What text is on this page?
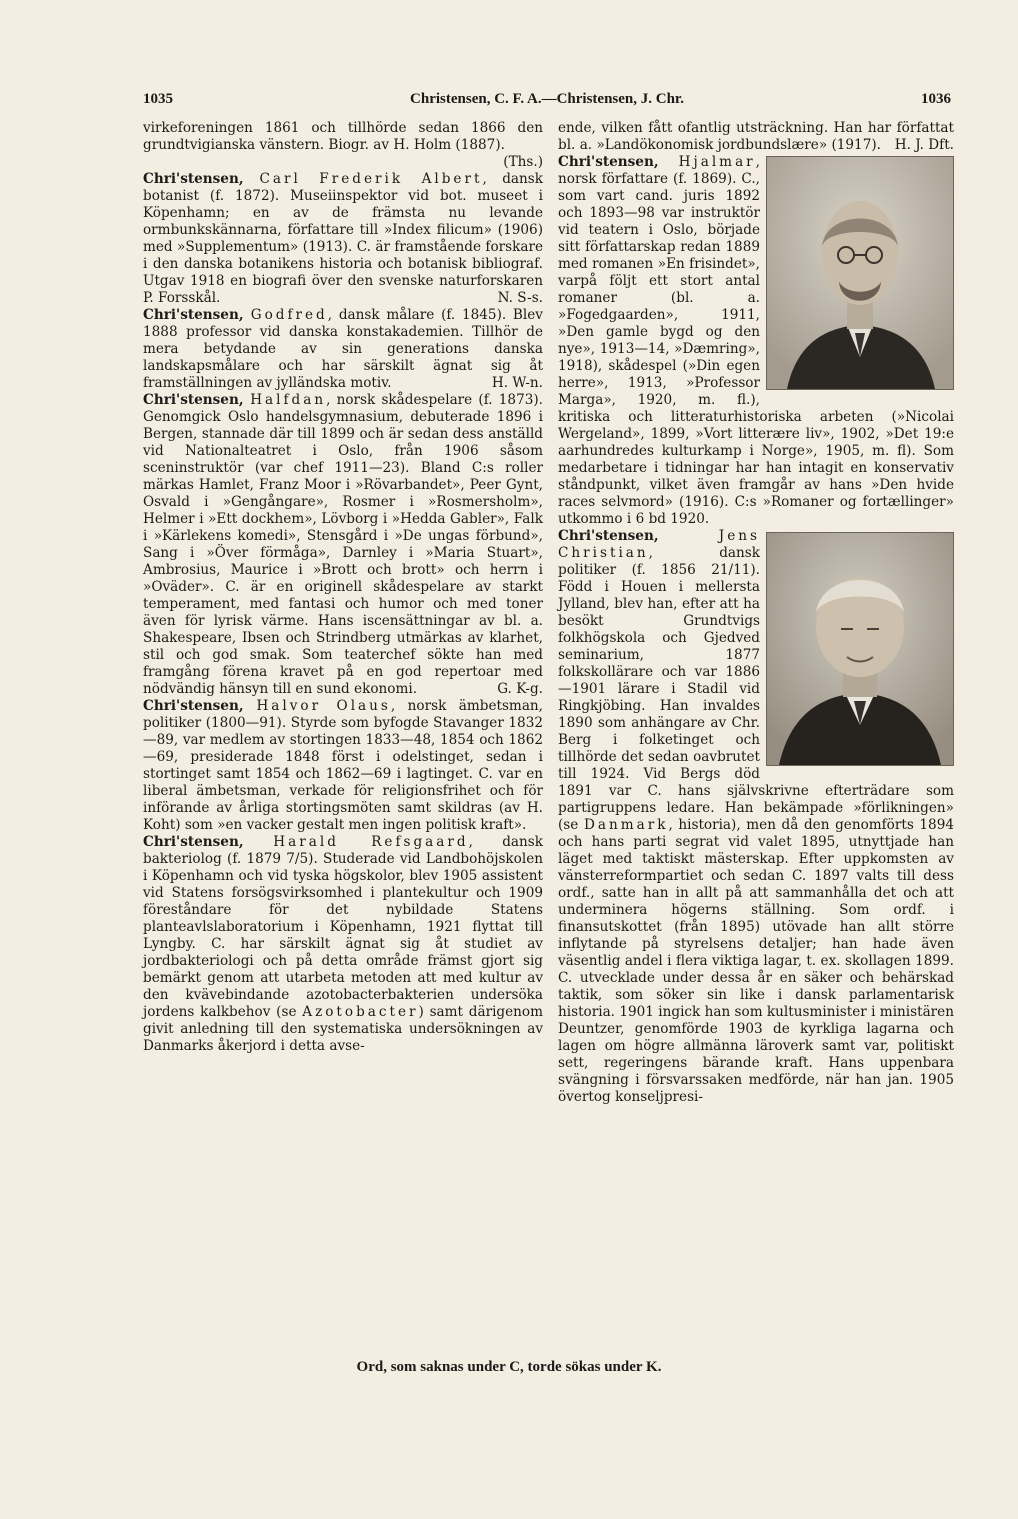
1035	Christensen, C. F. A.—Christensen, J. Chr.	1036

virkeforeningen 1861 och tillhörde sedan 1866 den grundtvigianska vänstern. Biogr. av H. Holm (1887).
(Ths.)

Chri'stensen, Carl Frederik Albert, dansk botanist (f. 1872). Museiinspektor vid bot. museet i Köpenhamn; en av de främsta nu levande ormbunkskännarna, författare till »Index filicum» (1906) med »Supplementum» (1913). C. är framstående forskare i den danska botanikens historia och botanisk bibliograf. Utgav 1918 en biografi över den svenske naturforskaren P. Forsskål.	N. S-s.

Chri'stensen, Godfred, dansk målare (f. 1845). Blev 1888 professor vid danska konstakademien. Tillhör de mera betydande av sin generations danska landskapsmålare och har särskilt ägnat sig åt framställningen av jylländska motiv.	H. W-n.

Chri'stensen, Halfdan, norsk skådespelare (f. 1873). Genomgick Oslo handelsgymnasium, debuterade 1896 i Bergen, stannade där till 1899 och är sedan dess anställd vid Nationalteatret i Oslo, från 1906 såsom sceninstruktör (var chef 1911—23). Bland C:s roller märkas Hamlet, Franz Moor i »Rövarbandet», Peer Gynt, Osvald i »Gengångare», Rosmer i »Rosmersholm», Helmer i »Ett dockhem», Lövborg i »Hedda Gabler», Falk i »Kärlekens komedi», Stensgård i »De ungas förbund», Sang i »Över förmåga», Darnley i »Maria Stuart», Ambrosius, Maurice i »Brott och brott» och herrn i »Oväder». C. är en originell skådespelare av starkt temperament, med fantasi och humor och med toner även för lyrisk värme. Hans iscensättningar av bl. a. Shakespeare, Ibsen och Strindberg utmärkas av klarhet, stil och god smak. Som teaterchef sökte han med framgång förena kravet på en god repertoar med nödvändig hänsyn till en sund ekonomi.	G. K-g.

Chri'stensen, Halvor Olaus, norsk ämbetsman, politiker (1800—91). Styrde som byfogde Stavanger 1832—89, var medlem av stortingen 1833—48, 1854 och 1862—69, presiderade 1848 först i odelstinget, sedan i stortinget samt 1854 och 1862—69 i lagtinget. C. var en liberal ämbetsman, verkade för religionsfrihet och för införande av årliga stortingsmöten samt skildras (av H. Koht) som »en vacker gestalt men ingen politisk kraft».

Chri'stensen, Harald Refsgaard, dansk bakteriolog (f. 1879 7/5). Studerade vid Landbohöjskolen i Köpenhamn och vid tyska högskolor, blev 1905 assistent vid Statens forsögsvirksomhed i plantekultur och 1909 föreståndare för det nybildade Statens planteavlslaboratorium i Köpenhamn, 1921 flyttat till Lyngby. C. har särskilt ägnat sig åt studiet av jordbakteriologi och på detta område främst gjort sig bemärkt genom att utarbeta metoden att med kultur av den kvävebindande azotobacterbakterien undersöka jordens kalkbehov (se Azotobacter) samt därigenom givit anledning till den systematiska undersökningen av Danmarks åkerjord i detta avse-

ende, vilken fått ofantlig utsträckning. Han har författat bl. a. »Landökonomisk jordbundslære» (1917). H. J. Dft.

Chri'stensen, Hjalmar, norsk författare (f. 1869). C., som vart cand. juris 1892 och 1893—98 var instruktör vid teatern i Oslo, började sitt författarskap redan 1889 med romanen »En frisindet», varpå följt ett stort antal romaner (bl. a. »Fogedgaarden», 1911, »Den gamle bygd og den nye», 1913—14, »Dæmring», 1918), skådespel (»Din egen herre», 1913, »Professor Marga», 1920, m. fl.), kritiska och litteraturhistoriska arbeten (»Nicolai Wergeland», 1899, »Vort litterære liv», 1902, »Det 19:e aarhundredes kulturkamp i Norge», 1905, m. fl). Som medarbetare i tidningar har han intagit en konservativ ståndpunkt, vilket även framgår av hans »Den hvide races selvmord» (1916). C:s »Romaner og fortællinger» utkommo i 6 bd 1920.

Chri'stensen, Jens Christian, dansk politiker (f. 1856 21/11). Född i Houen i mellersta Jylland, blev han, efter att ha besökt Grundtvigs folkhögskola och Gjedved seminarium, 1877 folkskollärare och var 1886—1901 lärare i Stadil vid Ringkjöbing. Han invaldes 1890 som anhängare av Chr. Berg i folketinget och tillhörde det sedan oavbrutet till 1924. Vid Bergs död 1891 var C. hans självskrivne efterträdare som partigruppens ledare. Han bekämpade »förlikningen» (se Danmark, historia), men då den genomförts 1894 och hans parti segrat vid valet 1895, utnyttjade han läget med taktiskt mästerskap. Efter uppkomsten av vänsterreformpartiet och sedan C. 1897 valts till dess ordf., satte han in allt på att sammanhålla det och att underminera högerns ställning. Som ordf. i finansutskottet (från 1895) utövade han allt större inflytande på styrelsens detaljer; han hade även väsentlig andel i flera viktiga lagar, t. ex. skollagen 1899. C. utvecklade under dessa år en säker och behärskad taktik, som söker sin like i dansk parlamentarisk historia. 1901 ingick han som kultusminister i ministären Deuntzer, genomförde 1903 de kyrkliga lagarna och lagen om högre allmänna läroverk samt var, politiskt sett, regeringens bärande kraft. Hans uppenbara svängning i försvarssaken medförde, när han jan. 1905 övertog konseljpresi-

Ord, som saknas under C, torde sökas under K.
